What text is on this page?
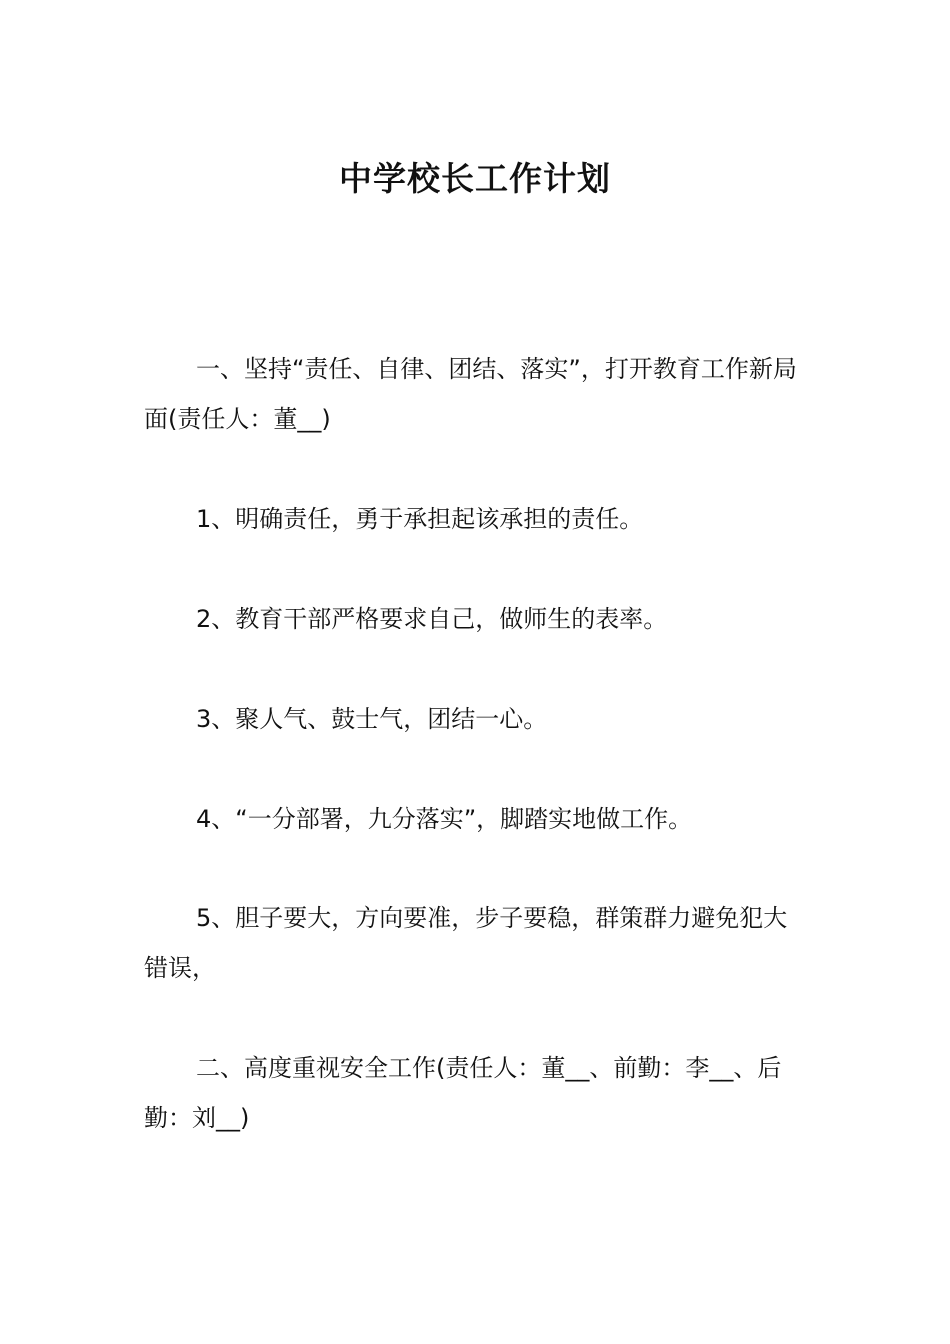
中学校长工作计划

一、坚持“责任、自律、团结、落实”，打开教育工作新局面(责任人：董__)

1、明确责任，勇于承担起该承担的责任。

2、教育干部严格要求自己，做师生的表率。

3、聚人气、鼓士气，团结一心。

4、“一分部署，九分落实”，脚踏实地做工作。

5、胆子要大，方向要准，步子要稳，群策群力避免犯大错误，

二、高度重视安全工作(责任人：董__、前勤：李__、后勤：刘__)
